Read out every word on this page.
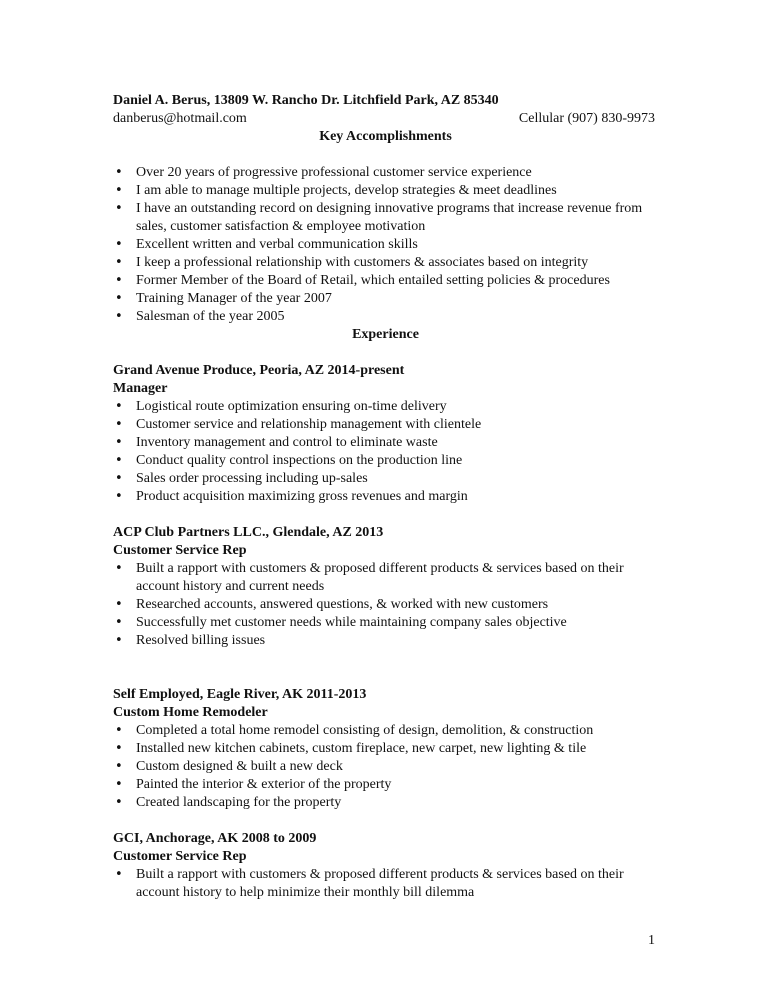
Daniel A. Berus, 13809 W. Rancho Dr. Litchfield Park, AZ 85340
danberus@hotmail.com	Cellular (907) 830-9973
Key Accomplishments
• Over 20 years of progressive professional customer service experience
• I am able to manage multiple projects, develop strategies & meet deadlines
• I have an outstanding record on designing innovative programs that increase revenue from sales, customer satisfaction & employee motivation
• Excellent written and verbal communication skills
• I keep a professional relationship with customers & associates based on integrity
• Former Member of the Board of Retail, which entailed setting policies & procedures
• Training Manager of the year 2007
• Salesman of the year 2005
Experience
Grand Avenue Produce, Peoria, AZ 2014-present
Manager
• Logistical route optimization ensuring on-time delivery
• Customer service and relationship management with clientele
• Inventory management and control to eliminate waste
• Conduct quality control inspections on the production line
• Sales order processing including up-sales
• Product acquisition maximizing gross revenues and margin
ACP Club Partners LLC., Glendale, AZ 2013
Customer Service Rep
• Built a rapport with customers & proposed different products & services based on their account history and current needs
• Researched accounts, answered questions, & worked with new customers
• Successfully met customer needs while maintaining company sales objective
• Resolved billing issues
Self Employed, Eagle River, AK 2011-2013
Custom Home Remodeler
• Completed a total home remodel consisting of design, demolition, & construction
• Installed new kitchen cabinets, custom fireplace, new carpet, new lighting & tile
• Custom designed & built a new deck
• Painted the interior & exterior of the property
• Created landscaping for the property
GCI, Anchorage, AK 2008 to 2009
Customer Service Rep
• Built a rapport with customers & proposed different products & services based on their account history to help minimize their monthly bill dilemma
1
